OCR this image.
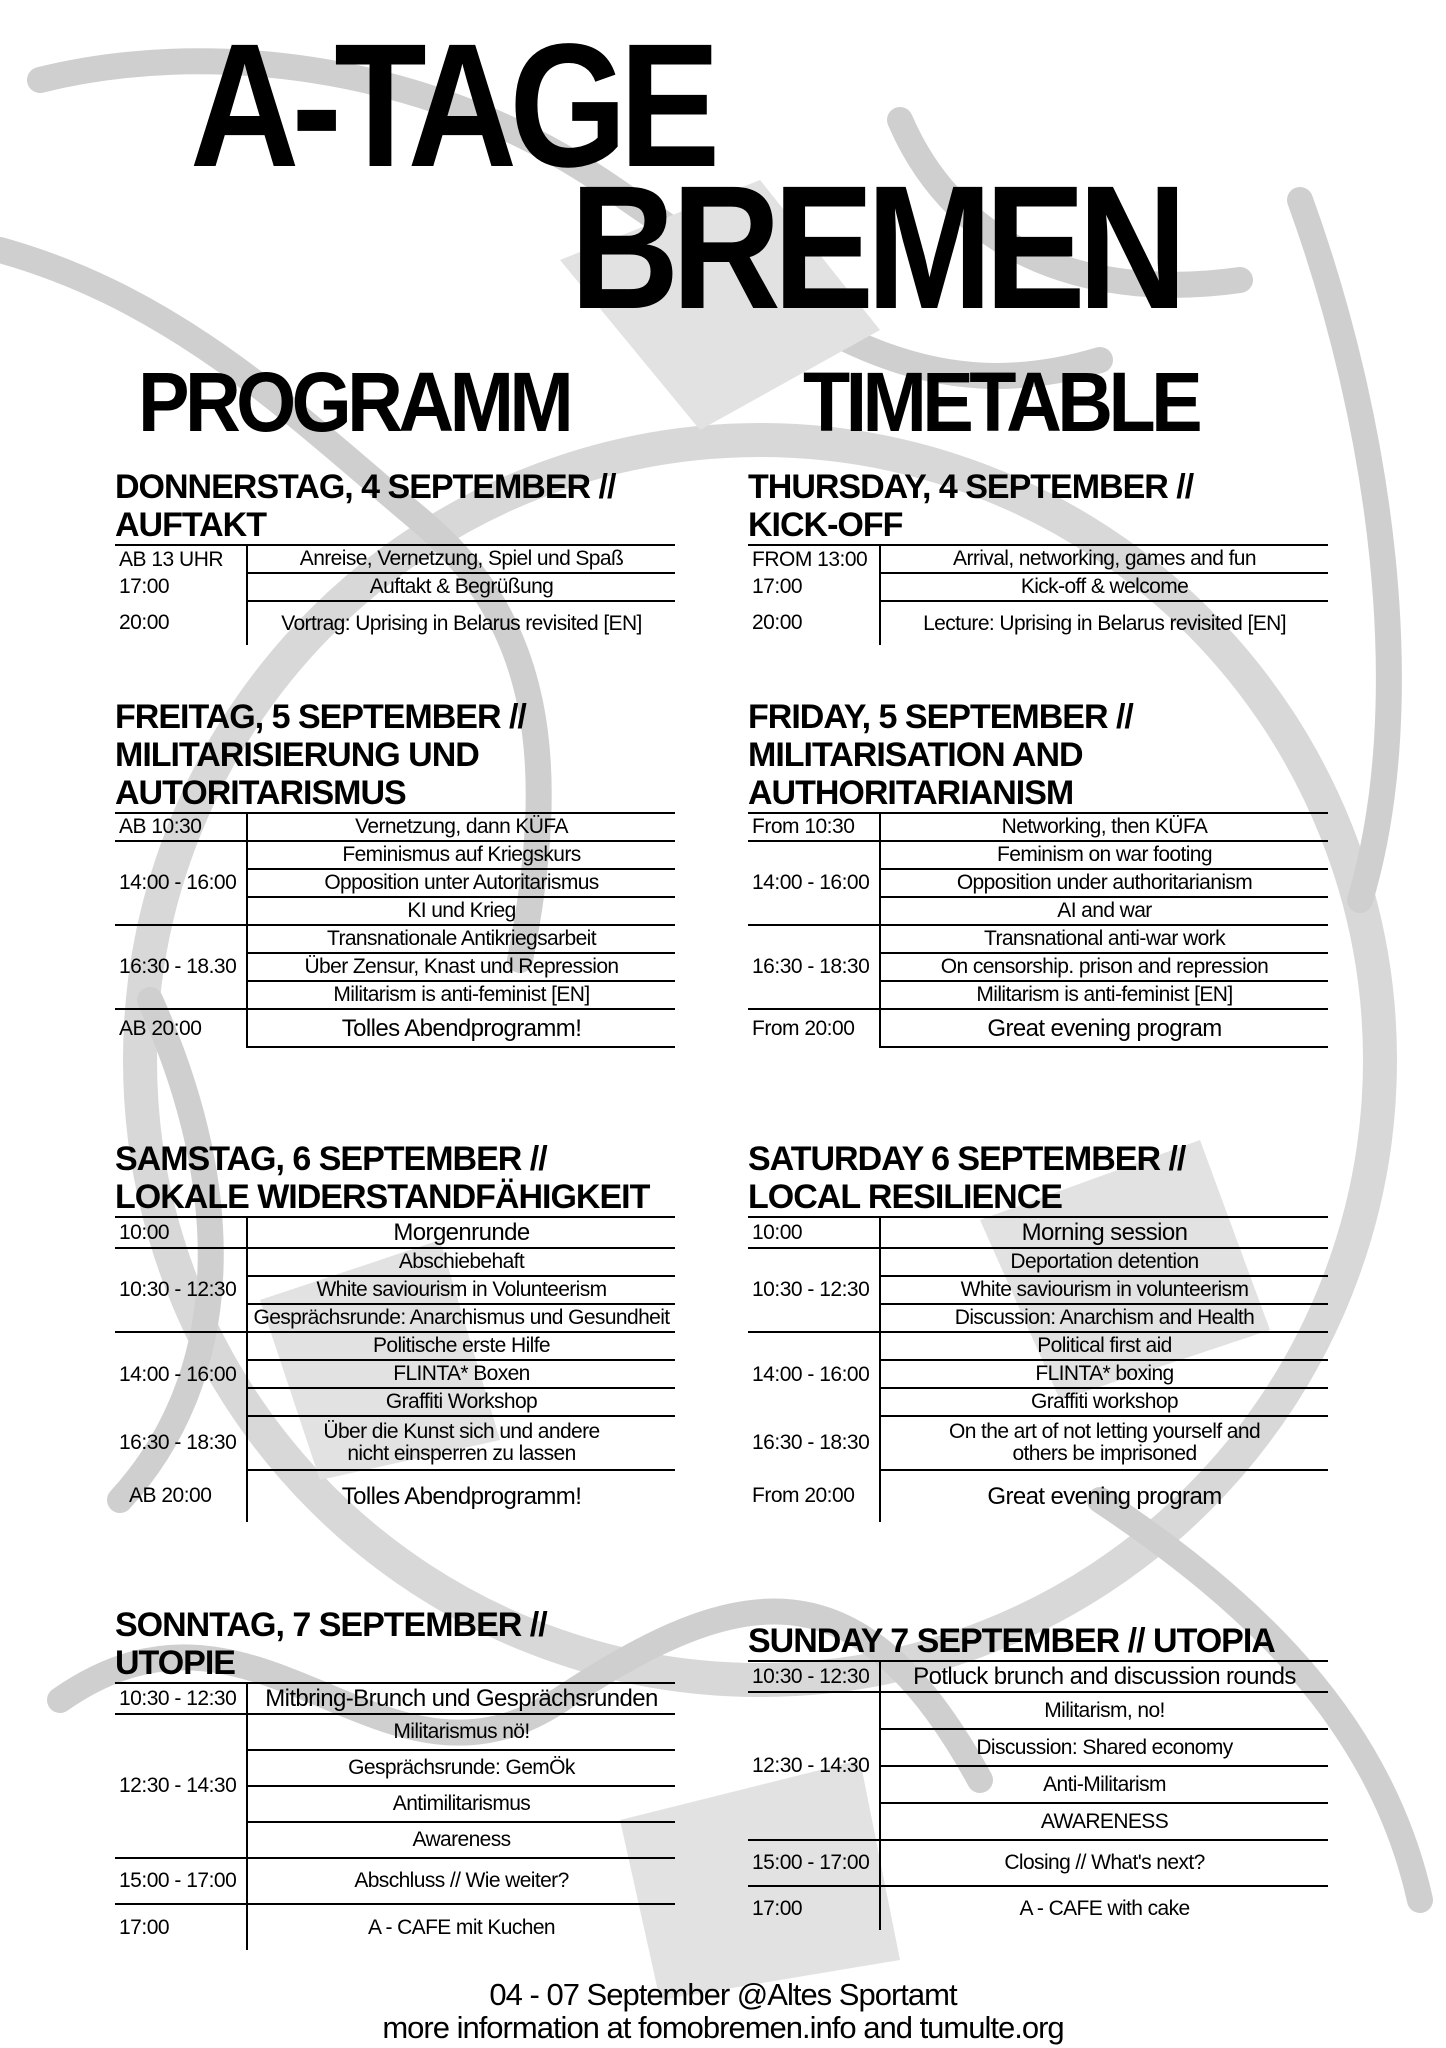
A-TAGE
BREMEN
PROGRAMM	TIMETABLE
DONNERSTAG, 4 SEPTEMBER //
AUFTAKT
AB 13 UHR	Anreise, Vernetzung, Spiel und Spaß
17:00	Auftakt & Begrüßung
20:00	Vortrag: Uprising in Belarus revisited [EN]
FREITAG, 5 SEPTEMBER //
MILITARISIERUNG UND
AUTORITARISMUS
AB 10:30	Vernetzung, dann KÜFA
14:00 - 16:00	Feminismus auf Kriegskurs
	Opposition unter Autoritarismus
	KI und Krieg
16:30 - 18.30	Transnationale Antikriegsarbeit
	Über Zensur, Knast und Repression
	Militarism is anti-feminist [EN]
AB 20:00	Tolles Abendprogramm!
SAMSTAG, 6 SEPTEMBER //
LOKALE WIDERSTANDFÄHIGKEIT
10:00	Morgenrunde
10:30 - 12:30	Abschiebehaft
	White saviourism in Volunteerism
	Gesprächsrunde: Anarchismus und Gesundheit
14:00 - 16:00	Politische erste Hilfe
	FLINTA* Boxen
	Graffiti Workshop
16:30 - 18:30	Über die Kunst sich und andere
nicht einsperren zu lassen
AB 20:00	Tolles Abendprogramm!
SONNTAG, 7 SEPTEMBER //
UTOPIE
10:30 - 12:30	Mitbring-Brunch und Gesprächsrunden
12:30 - 14:30	Militarismus nö!
	Gesprächsrunde: GemÖk
	Antimilitarismus
	Awareness
15:00 - 17:00	Abschluss // Wie weiter?
17:00	A - CAFE mit Kuchen
THURSDAY, 4 SEPTEMBER //
KICK-OFF
FROM 13:00	Arrival, networking, games and fun
17:00	Kick-off & welcome
20:00	Lecture: Uprising in Belarus revisited [EN]
FRIDAY, 5 SEPTEMBER //
MILITARISATION AND
AUTHORITARIANISM
From 10:30	Networking, then KÜFA
14:00 - 16:00	Feminism on war footing
	Opposition under authoritarianism
	AI and war
16:30 - 18:30	Transnational anti-war work
	On censorship. prison and repression
	Militarism is anti-feminist [EN]
From 20:00	Great evening program
SATURDAY 6 SEPTEMBER //
LOCAL RESILIENCE
10:00	Morning session
10:30 - 12:30	Deportation detention
	White saviourism in volunteerism
	Discussion: Anarchism and Health
14:00 - 16:00	Political first aid
	FLINTA* boxing
	Graffiti workshop
16:30 - 18:30	On the art of not letting yourself and
others be imprisoned
From 20:00	Great evening program
SUNDAY 7 SEPTEMBER // UTOPIA
10:30 - 12:30	Potluck brunch and discussion rounds
12:30 - 14:30	Militarism, no!
	Discussion: Shared economy
	Anti-Militarism
	AWARENESS
15:00 - 17:00	Closing // What's next?
17:00	A - CAFE with cake
04 - 07 September @Altes Sportamt
more information at fomobremen.info and tumulte.org
